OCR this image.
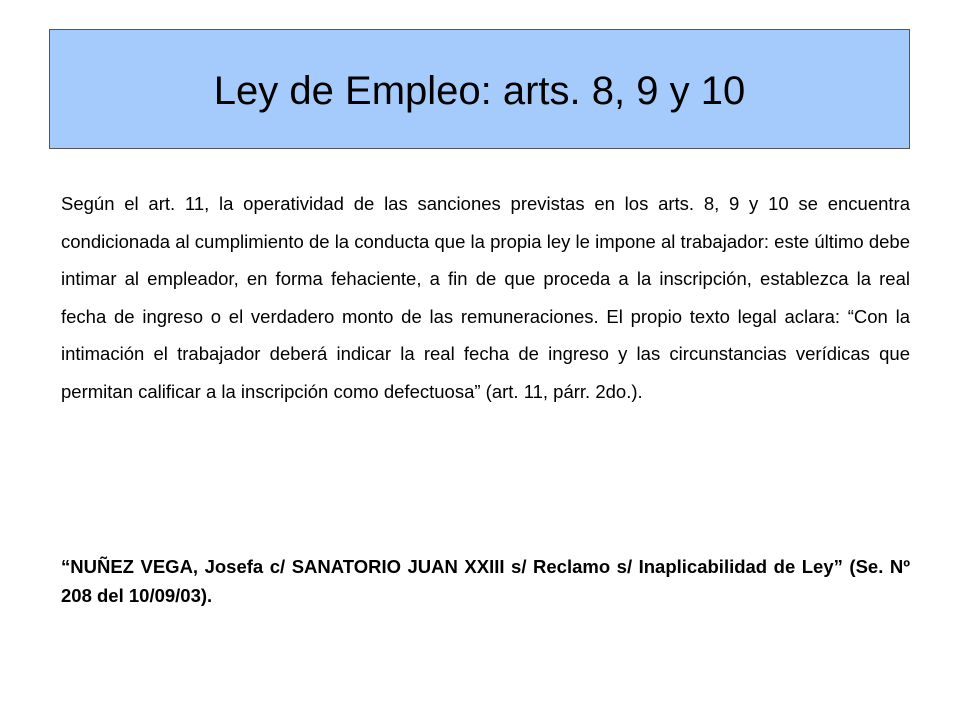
Ley de Empleo: arts. 8, 9 y 10

Según el art. 11, la operatividad de las sanciones previstas en los arts. 8, 9 y 10 se encuentra condicionada al cumplimiento de la conducta que la propia ley le impone al trabajador: este último debe intimar al empleador, en forma fehaciente, a fin de que proceda a la inscripción, establezca la real fecha de ingreso o el verdadero monto de las remuneraciones. El propio texto legal aclara: “Con la intimación el trabajador deberá indicar la real fecha de ingreso y las circunstancias verídicas que permitan calificar a la inscripción como defectuosa” (art. 11, párr. 2do.).

“NUÑEZ VEGA, Josefa c/ SANATORIO JUAN XXIII s/ Reclamo s/ Inaplicabilidad de Ley” (Se. Nº 208 del 10/09/03).
